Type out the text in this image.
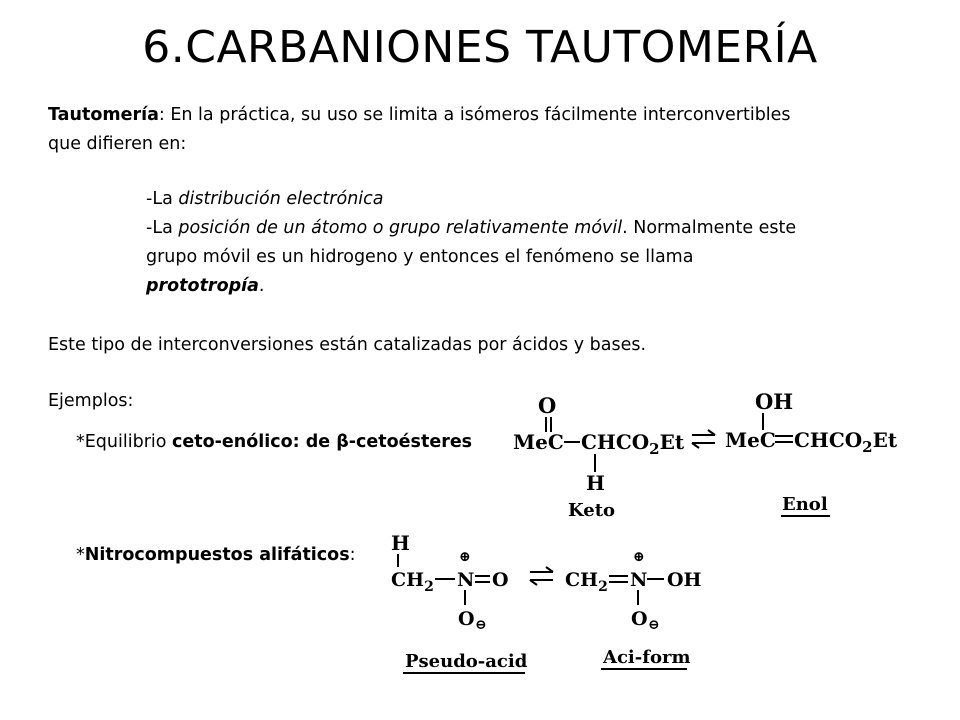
6.CARBANIONES TAUTOMERÍA
Tautomería: En la práctica, su uso se limita a isómeros fácilmente interconvertibles
que difieren en:
-La distribución electrónica
-La posición de un átomo o grupo relativamente móvil. Normalmente este
grupo móvil es un hidrogeno y entonces el fenómeno se llama
prototropía.
Este tipo de interconversiones están catalizadas por ácidos y bases.
Ejemplos:
*Equilibrio ceto-enólico: de β-cetoésteres
*Nitrocompuestos alifáticos:
O
MeC $CHCO_2Et$
H
Keto
OH
MeC $CHCO_2Et$
Enol
H
$CH_2$
⊕
N O
O ⊖
Pseudo-acid
$CH_2$
⊕
N OH
O ⊖
Aci-form
